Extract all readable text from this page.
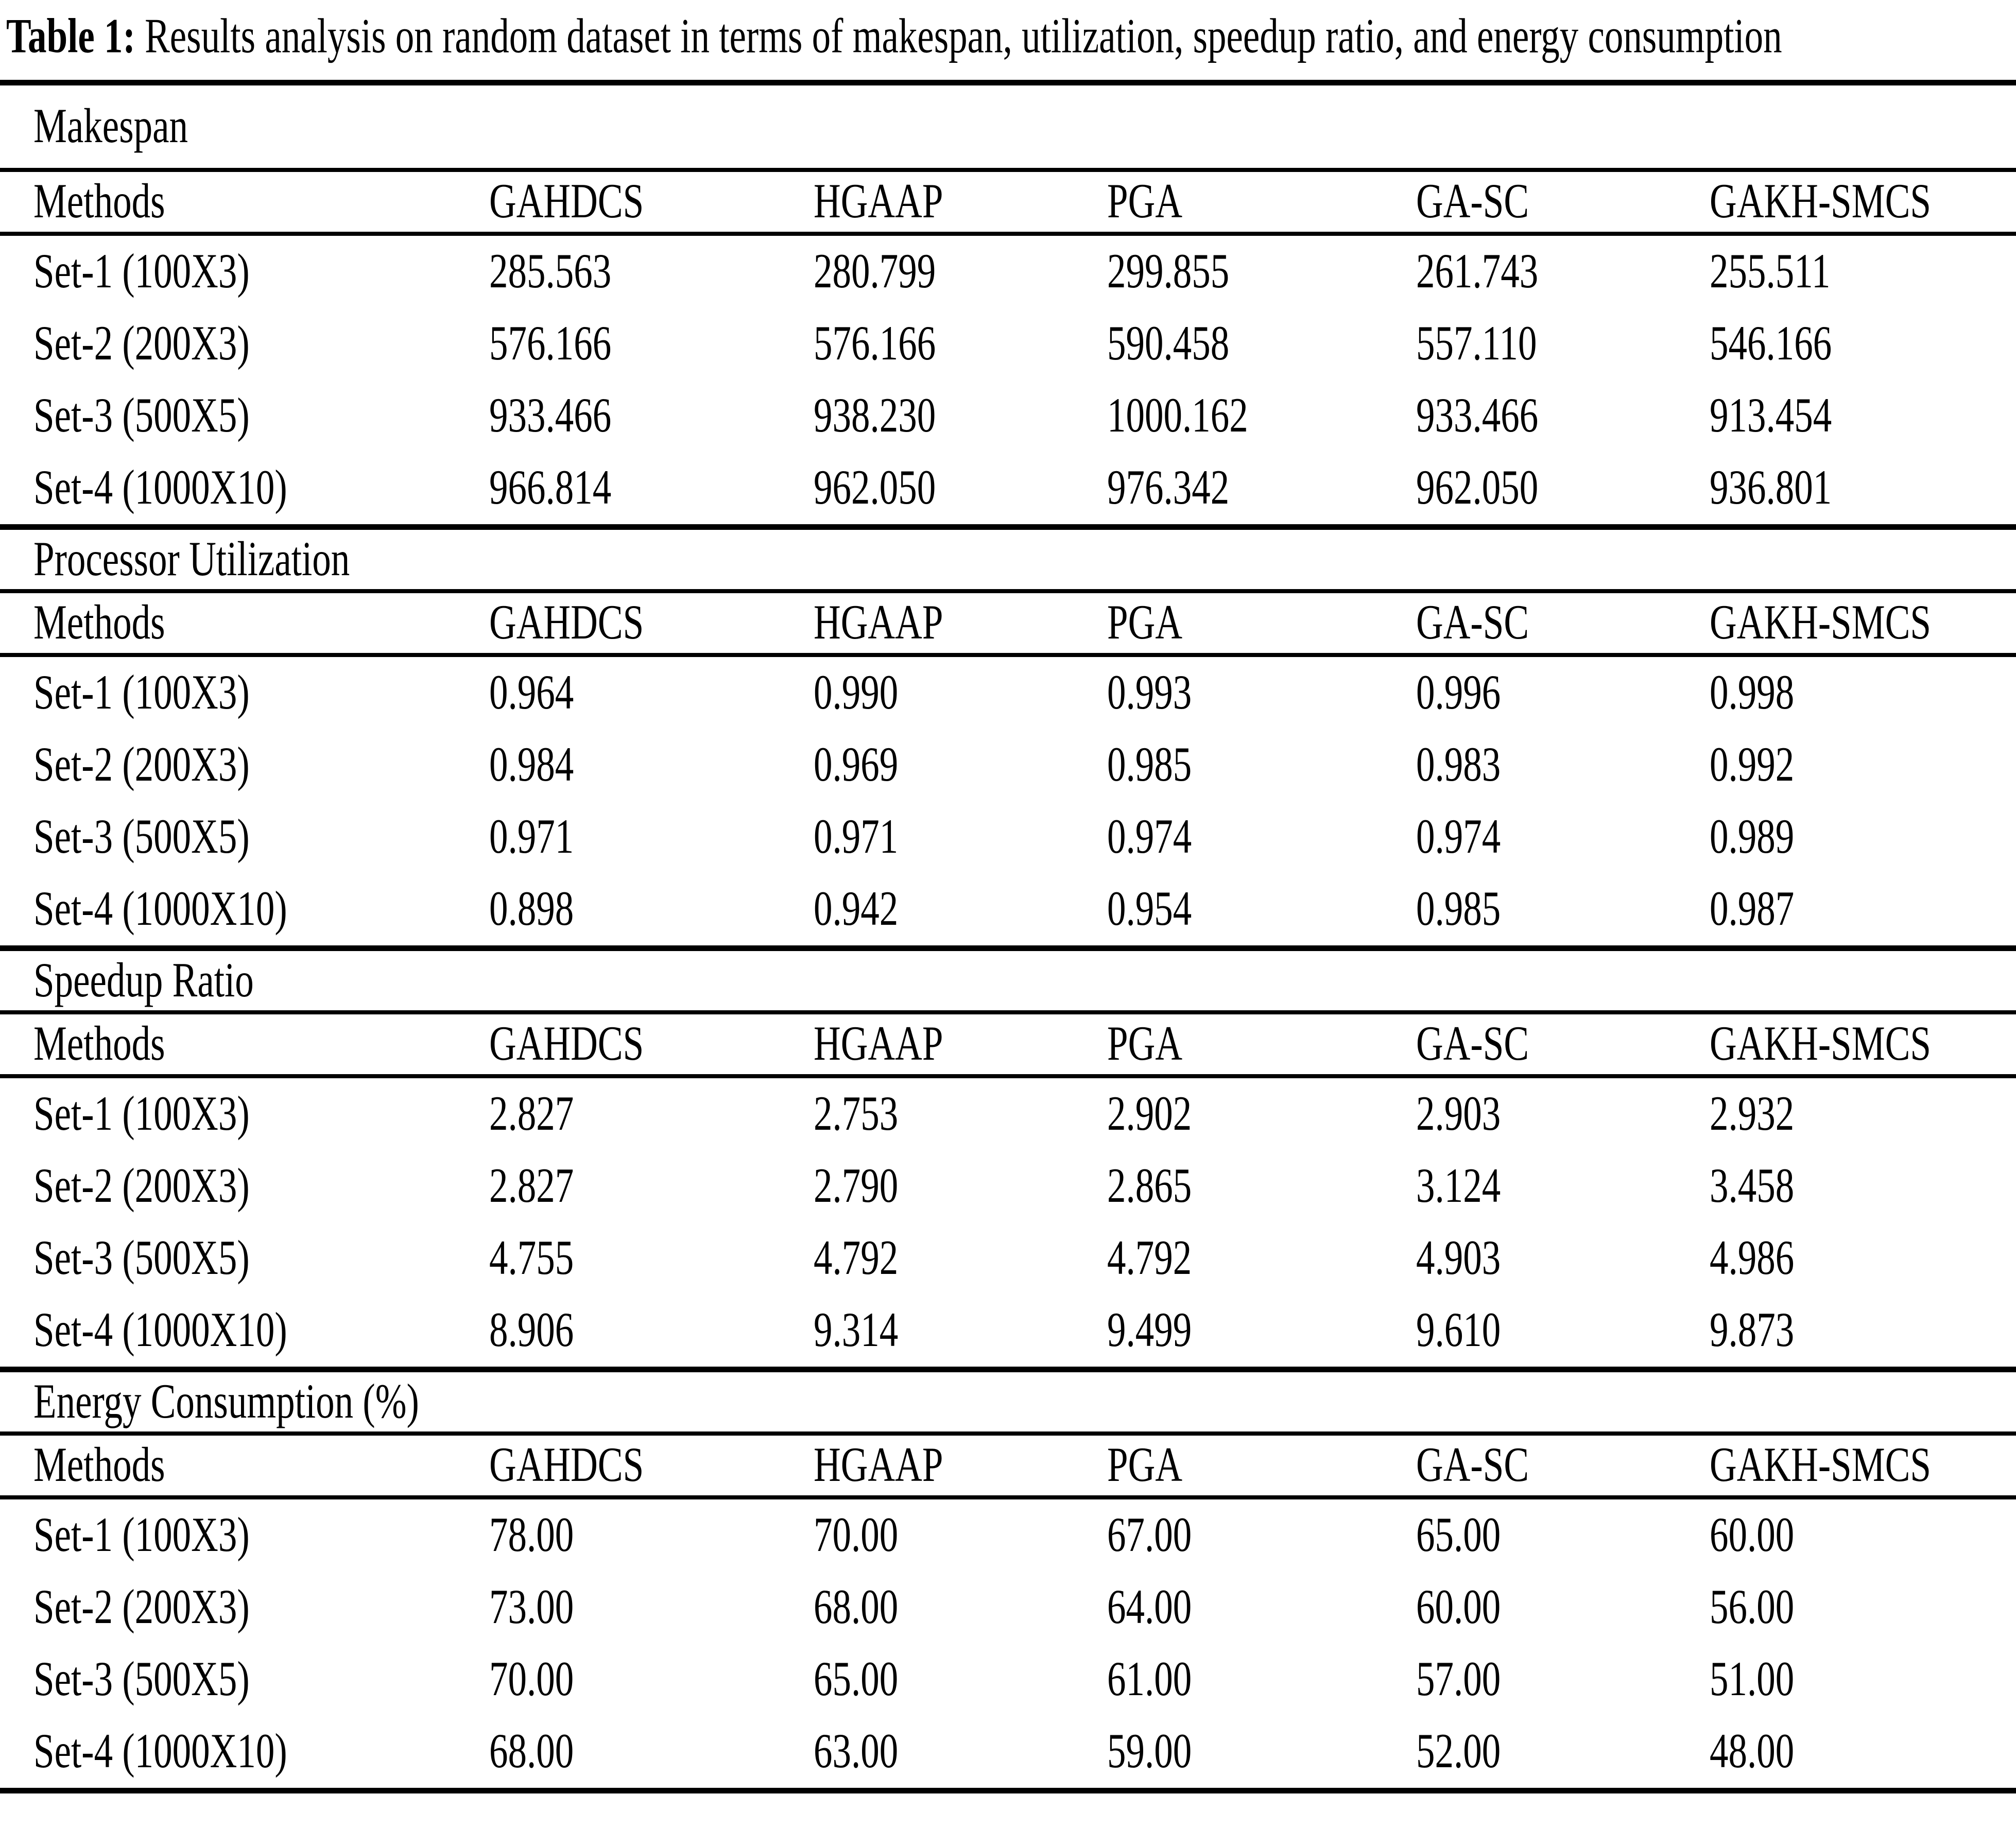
Table 1: Results analysis on random dataset in terms of makespan, utilization, speedup ratio, and energy consumption
Makespan					
Methods	GAHDCS	HGAAP	PGA	GA-SC	GAKH-SMCS
Set-1 (100X3)	285.563	280.799	299.855	261.743	255.511
Set-2 (200X3)	576.166	576.166	590.458	557.110	546.166
Set-3 (500X5)	933.466	938.230	1000.162	933.466	913.454
Set-4 (1000X10)	966.814	962.050	976.342	962.050	936.801
Processor Utilization					
Methods	GAHDCS	HGAAP	PGA	GA-SC	GAKH-SMCS
Set-1 (100X3)	0.964	0.990	0.993	0.996	0.998
Set-2 (200X3)	0.984	0.969	0.985	0.983	0.992
Set-3 (500X5)	0.971	0.971	0.974	0.974	0.989
Set-4 (1000X10)	0.898	0.942	0.954	0.985	0.987
Speedup Ratio					
Methods	GAHDCS	HGAAP	PGA	GA-SC	GAKH-SMCS
Set-1 (100X3)	2.827	2.753	2.902	2.903	2.932
Set-2 (200X3)	2.827	2.790	2.865	3.124	3.458
Set-3 (500X5)	4.755	4.792	4.792	4.903	4.986
Set-4 (1000X10)	8.906	9.314	9.499	9.610	9.873
Energy Consumption (%)					
Methods	GAHDCS	HGAAP	PGA	GA-SC	GAKH-SMCS
Set-1 (100X3)	78.00	70.00	67.00	65.00	60.00
Set-2 (200X3)	73.00	68.00	64.00	60.00	56.00
Set-3 (500X5)	70.00	65.00	61.00	57.00	51.00
Set-4 (1000X10)	68.00	63.00	59.00	52.00	48.00
